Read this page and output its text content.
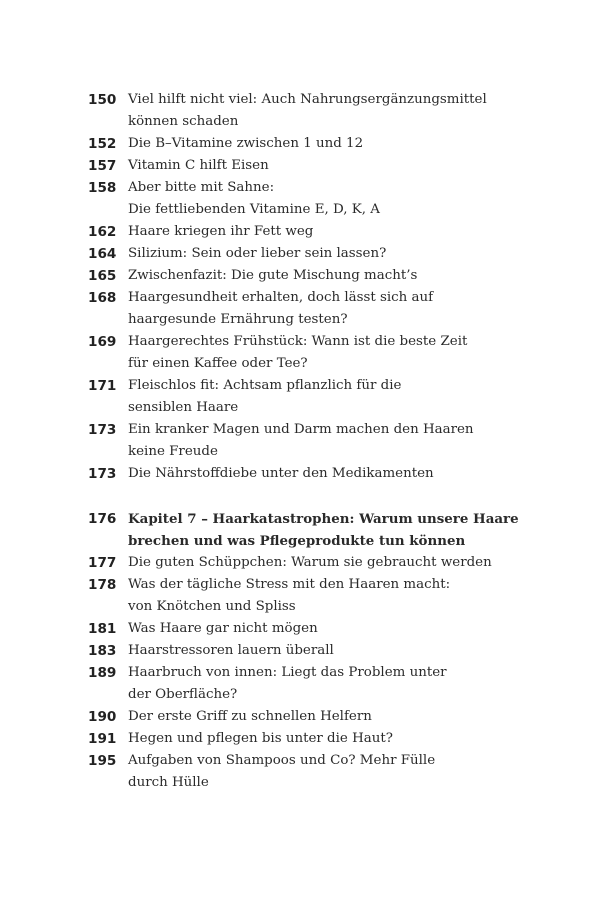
150 Viel hilft nicht viel: Auch Nahrungsergänzungsmittel
können schaden
152 Die B–Vitamine zwischen 1 und 12
157 Vitamin C hilft Eisen
158 Aber bitte mit Sahne:
Die fettliebenden Vitamine E, D, K, A
162 Haare kriegen ihr Fett weg
164 Silizium: Sein oder lieber sein lassen?
165 Zwischenfazit: Die gute Mischung macht’s
168 Haargesundheit erhalten, doch lässt sich auf
haargesunde Ernährung testen?
169 Haargerechtes Frühstück: Wann ist die beste Zeit
für einen Kaffee oder Tee?
171 Fleischlos fit: Achtsam pflanzlich für die
sensiblen Haare
173 Ein kranker Magen und Darm machen den Haaren
keine Freude
173 Die Nährstoffdiebe unter den Medikamenten
176 Kapitel 7 – Haarkatastrophen: Warum unsere Haare
brechen und was Pflegeprodukte tun können
177 Die guten Schüppchen: Warum sie gebraucht werden
178 Was der tägliche Stress mit den Haaren macht:
von Knötchen und Spliss
181 Was Haare gar nicht mögen
183 Haarstressoren lauern überall
189 Haarbruch von innen: Liegt das Problem unter
der Oberfläche?
190 Der erste Griff zu schnellen Helfern
191 Hegen und pflegen bis unter die Haut?
195 Aufgaben von Shampoos und Co? Mehr Fülle
durch Hülle
